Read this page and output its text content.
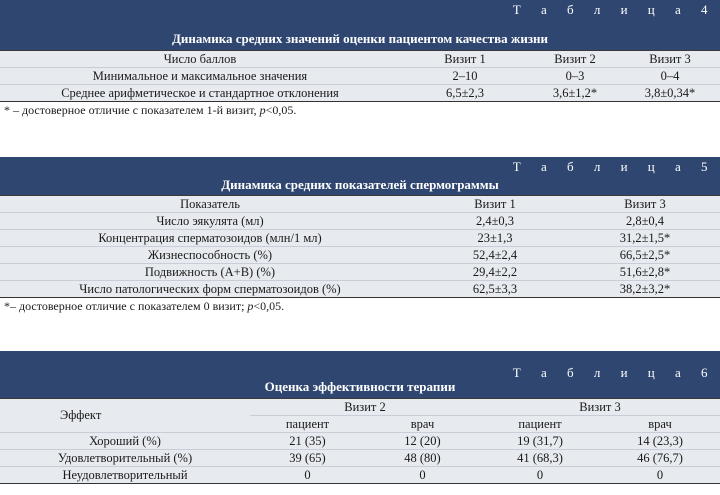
Т а б л и ц а 4
Динамика средних значений оценки пациентом качества жизни
Число баллов	Визит 1	Визит 2	Визит 3
Минимальное и максимальное значения	2–10	0–3	0–4
Среднее арифметическое и стандартное отклонения	6,5±2,3	3,6±1,2*	3,8±0,34*
* – достоверное отличие с показателем 1-й визит, p<0,05.
Т а б л и ц а 5
Динамика средних показателей спермограммы
Показатель	Визит 1	Визит 3
Число эякулята (мл)	2,4±0,3	2,8±0,4
Концентрация сперматозоидов (млн/1 мл)	23±1,3	31,2±1,5*
Жизнеспособность (%)	52,4±2,4	66,5±2,5*
Подвижность (А+В) (%)	29,4±2,2	51,6±2,8*
Число патологических форм сперматозоидов (%)	62,5±3,3	38,2±3,2*
*– достоверное отличие с показателем 0 визит; p<0,05.
Т а б л и ц а 6
Оценка эффективности терапии
Эффект
Визит 2	Визит 3
пациент	врач	пациент	врач
Хороший (%)	21 (35)	12 (20)	19 (31,7)	14 (23,3)
Удовлетворительный (%)	39 (65)	48 (80)	41 (68,3)	46 (76,7)
Неудовлетворительный	0	0	0	0
